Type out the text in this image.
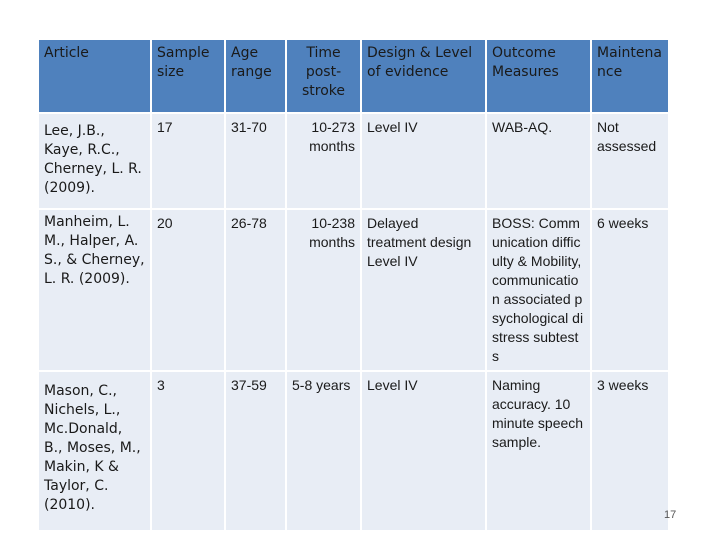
Article	Sample size	Age range	Time post-stroke	Design & Level of evidence	Outcome Measures	Maintenance
Lee, J.B., Kaye, R.C., Cherney, L. R. (2009).	17	31-70	10-273 months	Level IV	WAB-AQ.	Not assessed
Manheim, L. M., Halper, A. S., & Cherney, L. R. (2009).	20	26-78	10-238 months	Delayed treatment design Level IV	BOSS: Communication difficulty & Mobility, communication associated psychological distress subtests	6 weeks
Mason, C., Nichels, L., Mc.Donald, B., Moses, M., Makin, K & Taylor, C. (2010).	3	37-59	5-8 years	Level IV	Naming accuracy. 10 minute speech sample.	3 weeks
17
